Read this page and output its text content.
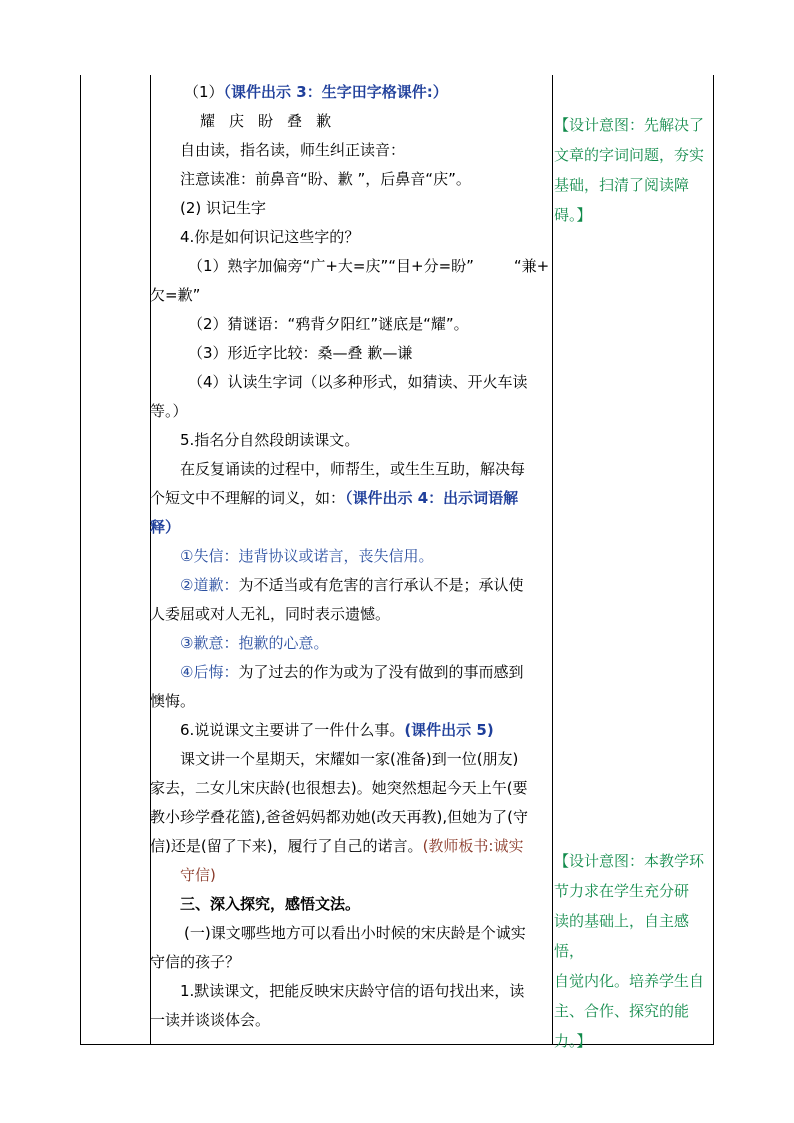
（1）（课件出示 3：生字田字格课件:）
耀 庆 盼 叠 歉
自由读，指名读，师生纠正读音：
注意读准：前鼻音“盼、歉 ”，后鼻音“庆”。
(2) 识记生字
4.你是如何识记这些字的？
（1）熟字加偏旁“广+大=庆”“目+分=盼”	“兼+
欠=歉”
（2）猜谜语：“鸦背夕阳红”谜底是“耀”。
（3）形近字比较：桑—叠 歉—谦
（4）认读生字词（以多种形式，如猜读、开火车读
等。）
5.指名分自然段朗读课文。
在反复诵读的过程中，师帮生，或生生互助，解决每
个短文中不理解的词义，如：（课件出示 4：出示词语解
释）
①失信：违背协议或诺言，丧失信用。
②道歉：为不适当或有危害的言行承认不是；承认使
人委屈或对人无礼，同时表示遗憾。
③歉意：抱歉的心意。
④后悔：为了过去的作为或为了没有做到的事而感到
懊悔。
6.说说课文主要讲了一件什么事。(课件出示 5)
课文讲一个星期天，宋耀如一家(准备)到一位(朋友)
家去，二女儿宋庆龄(也很想去)。她突然想起今天上午(要
教小珍学叠花篮),爸爸妈妈都劝她(改天再教),但她为了(守
信)还是(留了下来)，履行了自己的诺言。(教师板书:诚实
守信)
三、深入探究，感悟文法。
(一)课文哪些地方可以看出小时候的宋庆龄是个诚实
守信的孩子？
1.默读课文，把能反映宋庆龄守信的语句找出来，读
一读并谈谈体会。
【设计意图：先解决了
文章的字词问题，夯实
基础，扫清了阅读障
碍。】
【设计意图：本教学环
节力求在学生充分研
读的基础上，自主感悟，
自觉内化。培养学生自
主、合作、探究的能
力。】
